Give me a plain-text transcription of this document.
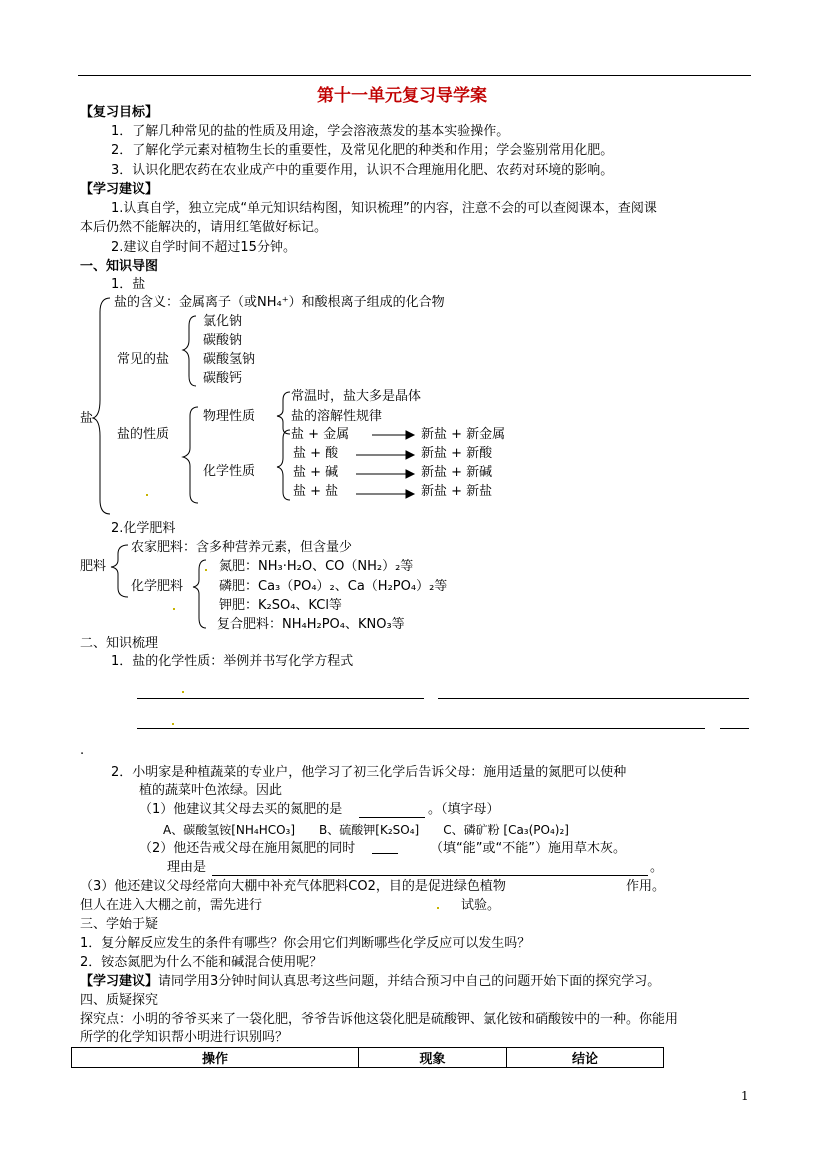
第十一单元复习导学案
【复习目标】
1．了解几种常见的盐的性质及用途，学会溶液蒸发的基本实验操作。
2．了解化学元素对植物生长的重要性，及常见化肥的种类和作用；学会鉴别常用化肥。
3．认识化肥农药在农业成产中的重要作用，认识不合理施用化肥、农药对环境的影响。
【学习建议】
1.认真自学，独立完成“单元知识结构图，知识梳理”的内容，注意不会的可以查阅课本，查阅课
本后仍然不能解决的，请用红笔做好标记。
2.建议自学时间不超过15分钟。
一、知识导图
1．盐
盐
盐的含义：金属离子（或NH₄⁺）和酸根离子组成的化合物
常见的盐
氯化钠
碳酸钠
碳酸氢钠
碳酸钙
盐的性质
物理性质
常温时，盐大多是晶体
盐的溶解性规律
化学性质
盐 + 金属	新盐 + 新金属
盐 + 酸	新盐 + 新酸
盐 + 碱	新盐 + 新碱
盐 + 盐	新盐 + 新盐
2.化学肥料
肥料
农家肥料：含多种营养元素，但含量少
化学肥料
氮肥：NH₃·H₂O、CO（NH₂）₂等
磷肥：Ca₃（PO₄）₂、Ca（H₂PO₄）₂等
钾肥：K₂SO₄、KCl等
复合肥料：NH₄H₂PO₄、KNO₃等
二、知识梳理
1．盐的化学性质：举例并书写化学方程式
.
2．小明家是种植蔬菜的专业户，他学习了初三化学后告诉父母：施用适量的氮肥可以使种
植的蔬菜叶色浓绿。因此
（1）他建议其父母去买的氮肥的是	。（填字母）
A、碳酸氢铵[NH₄HCO₃]　　B、硫酸钾[K₂SO₄]　　C、磷矿粉 [Ca₃(PO₄)₂]
（2）他还告戒父母在施用氮肥的同时
　　	（填“能”或“不能”）施用草木灰。
理由是	。
（3）他还建议父母经常向大棚中补充气体肥料CO2，目的是促进绿色植物	作用。
但人在进入大棚之前，需先进行	试验。
三、学始于疑
1．复分解反应发生的条件有哪些？你会用它们判断哪些化学反应可以发生吗？
2．铵态氮肥为什么不能和碱混合使用呢？
【学习建议】请同学用3分钟时间认真思考这些问题，并结合预习中自己的问题开始下面的探究学习。
四、质疑探究
探究点：小明的爷爷买来了一袋化肥，爷爷告诉他这袋化肥是硫酸钾、氯化铵和硝酸铵中的一种。你能用
所学的化学知识帮小明进行识别吗？
操作	现象	结论
1
